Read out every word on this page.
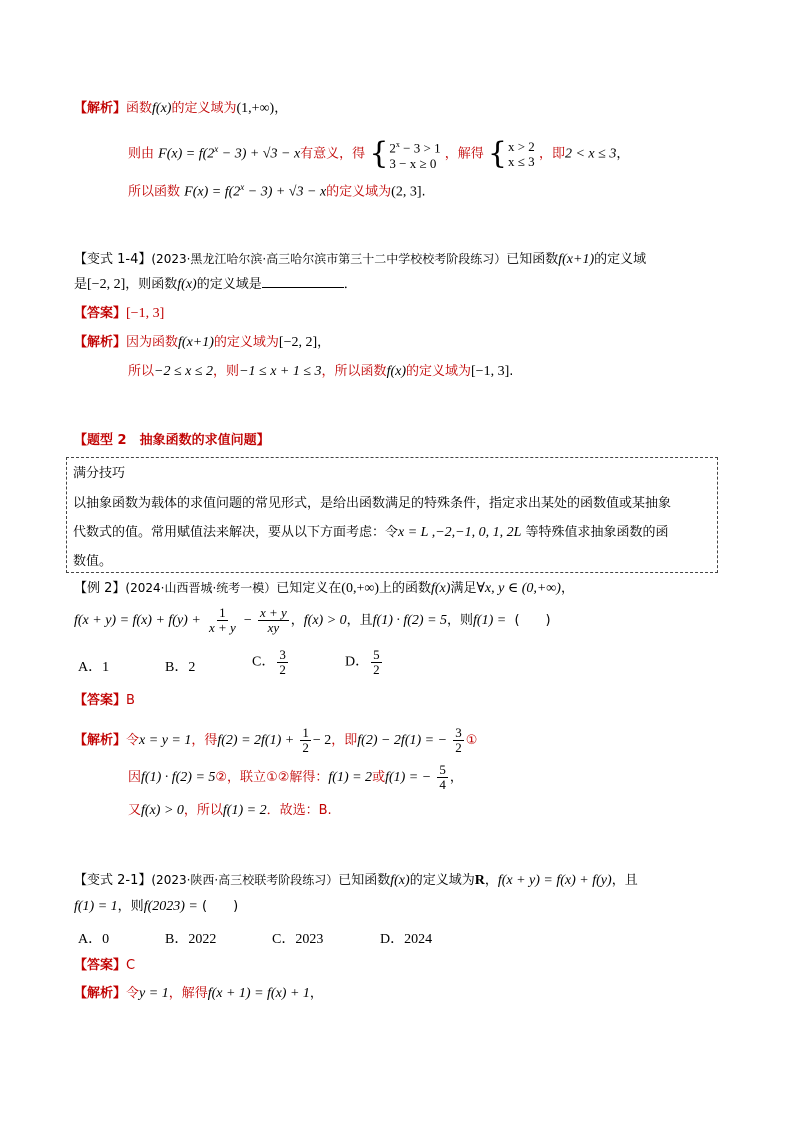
【解析】函数f(x)的定义域为(1,+∞)，
则由 $F(x) = f(2^x - 3) + √3 - x$有意义，得 { $2^x - 3 > 1$
3 − x ≥ 0
，解得 { x > 2
x ≤ 3 ，即2 < x ≤ 3，
所以函数 $F(x) = f(2^x - 3) + √3 - x$的定义域为(2, 3].
【变式 1-4】(2023·黑龙江哈尔滨·高三哈尔滨市第三十二中学校校考阶段练习）已知函数f(x+1)的定义域
是[−2, 2]，则函数f(x)的定义域是	．
【答案】[−1, 3]
【解析】因为函数f(x+1)的定义域为[−2, 2]，
所以−2 ≤ x ≤ 2，则−1 ≤ x + 1 ≤ 3，所以函数f(x)的定义域为[−1, 3].
【题型 2　抽象函数的求值问题】
满分技巧
以抽象函数为载体的求值问题的常见形式，是给出函数满足的特殊条件，指定求出某处的函数值或某抽象
代数式的值。常用赋值法来解决，要从以下方面考虑：令x = L ,−2,−1, 0, 1, 2L 等特殊值求抽象函数的函
数值。
【例 2】(2024·山西晋城·统考一模）已知定义在(0,+∞)上的函数f(x)满足∀x, y ∈ (0,+∞)，
$f(x + y) = f(x) + f(y) + \frac{1}{x + y} - \frac{x + y}{xy}$ ，f(x) > 0，且f(1) · f(2) = 5，则f(1) = (　　)
A．1	B．2	C． $\frac{3}{2}$	D． $\frac{5}{2}$
【答案】B
【解析】令x = y = 1，得$f(2) = 2f(1) + \frac{1}{2} - 2$，即f(2) − 2f(1) = − $\frac{3}{2}$ ①
因f(1) · f(2) = 5②，联立①②解得：f(1) = 2或f(1) = − $\frac{5}{4}$ ，
又f(x) > 0，所以f(1) = 2．故选：B.
【变式 2-1】(2023·陕西·高三校联考阶段练习）已知函数f(x)的定义域为R，f(x + y) = f(x) + f(y)，且
f(1) = 1，则f(2023) = (　　)
A．0	B．2022	C．2023	D．2024
【答案】C
【解析】令y = 1，解得f(x + 1) = f(x) + 1，
